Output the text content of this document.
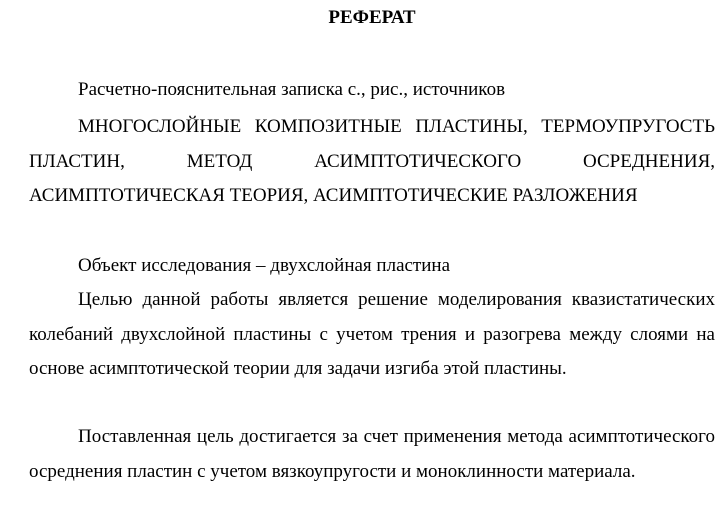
РЕФЕРАТ

Расчетно-пояснительная записка с., рис., источников

МНОГОСЛОЙНЫЕ КОМПОЗИТНЫЕ ПЛАСТИНЫ, ТЕРМОУПРУГОСТЬ ПЛАСТИН, МЕТОД АСИМПТОТИЧЕСКОГО ОСРЕДНЕНИЯ, АСИМПТОТИЧЕСКАЯ ТЕОРИЯ, АСИМПТОТИЧЕСКИЕ РАЗЛОЖЕНИЯ

Объект исследования – двухслойная пластина

Целью данной работы является решение моделирования квазистатических колебаний двухслойной пластины с учетом трения и разогрева между слоями на основе асимптотической теории для задачи изгиба этой пластины.

Поставленная цель достигается за счет применения метода асимптотического осреднения пластин с учетом вязкоупругости и моноклинности материала.
